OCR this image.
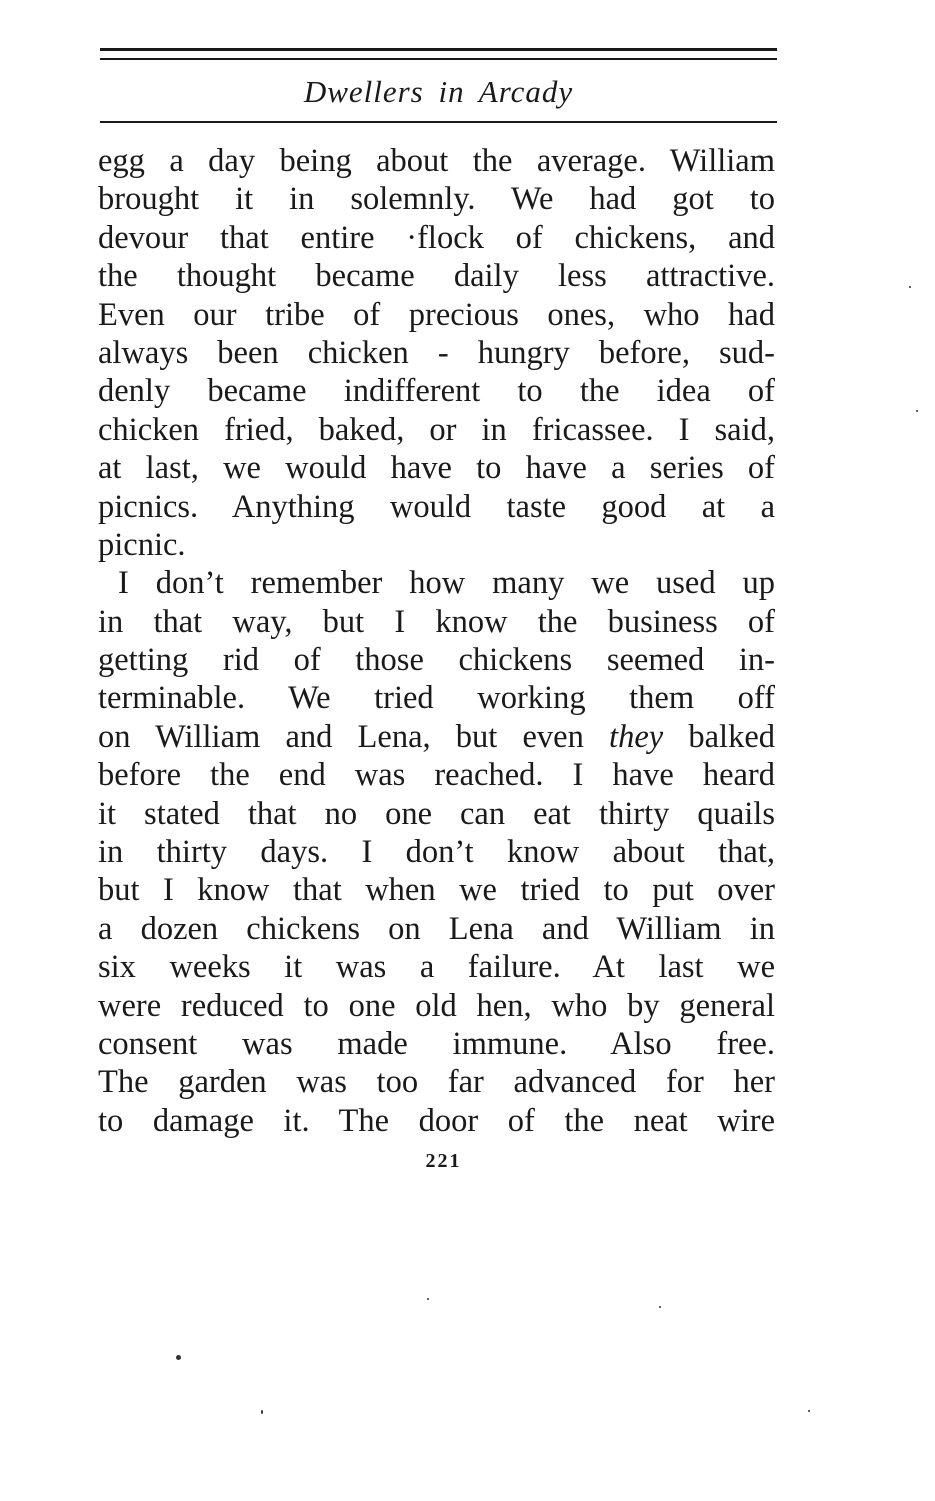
Dwellers in Arcady
egg a day being about the average. William
brought it in solemnly. We had got to
devour that entire ·flock of chickens, and
the thought became daily less attractive.
Even our tribe of precious ones, who had
always been chicken - hungry before, sud-
denly became indifferent to the idea of
chicken fried, baked, or in fricassee. I said,
at last, we would have to have a series of
picnics. Anything would taste good at a
picnic.
I don’t remember how many we used up
in that way, but I know the business of
getting rid of those chickens seemed in-
terminable. We tried working them off
on William and Lena, but even they balked
before the end was reached. I have heard
it stated that no one can eat thirty quails
in thirty days. I don’t know about that,
but I know that when we tried to put over
a dozen chickens on Lena and William in
six weeks it was a failure. At last we
were reduced to one old hen, who by general
consent was made immune. Also free.
The garden was too far advanced for her
to damage it. The door of the neat wire
221
